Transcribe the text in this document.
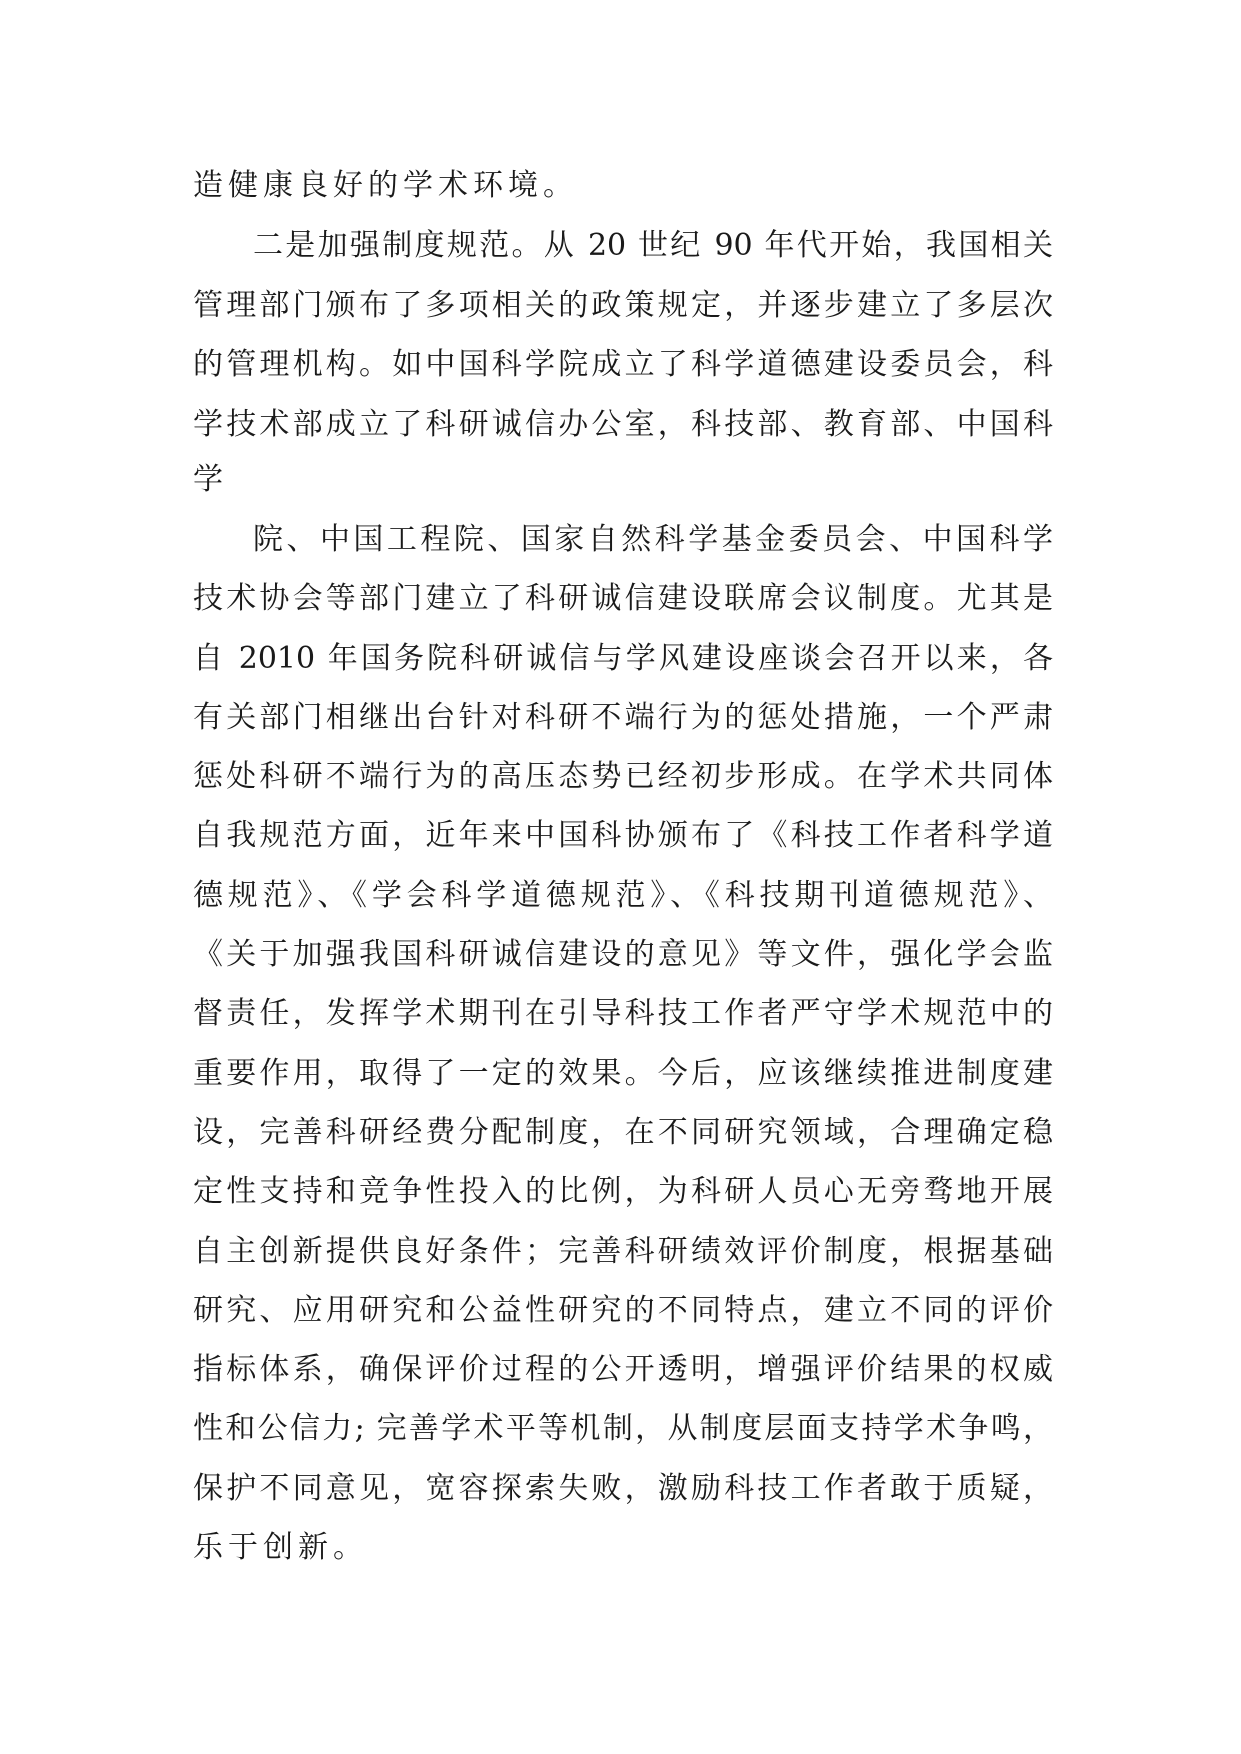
造健康良好的学术环境。
二是加强制度规范。从 20 世纪 90 年代开始，我国相关
管理部门颁布了多项相关的政策规定，并逐步建立了多层次
的管理机构。如中国科学院成立了科学道德建设委员会，科
学技术部成立了科研诚信办公室，科技部、教育部、中国科
学
院、中国工程院、国家自然科学基金委员会、中国科学
技术协会等部门建立了科研诚信建设联席会议制度。尤其是
自 2010 年国务院科研诚信与学风建设座谈会召开以来，各
有关部门相继出台针对科研不端行为的惩处措施，一个严肃
惩处科研不端行为的高压态势已经初步形成。在学术共同体
自我规范方面，近年来中国科协颁布了《科技工作者科学道
德规范》、《学会科学道德规范》、《科技期刊道德规范》、
《关于加强我国科研诚信建设的意见》等文件，强化学会监
督责任，发挥学术期刊在引导科技工作者严守学术规范中的
重要作用，取得了一定的效果。今后，应该继续推进制度建
设，完善科研经费分配制度，在不同研究领域，合理确定稳
定性支持和竞争性投入的比例，为科研人员心无旁骛地开展
自主创新提供良好条件；完善科研绩效评价制度，根据基础
研究、应用研究和公益性研究的不同特点，建立不同的评价
指标体系，确保评价过程的公开透明，增强评价结果的权威
性和公信力; 完善学术平等机制，从制度层面支持学术争鸣，
保护不同意见，宽容探索失败，激励科技工作者敢于质疑，
乐于创新。
